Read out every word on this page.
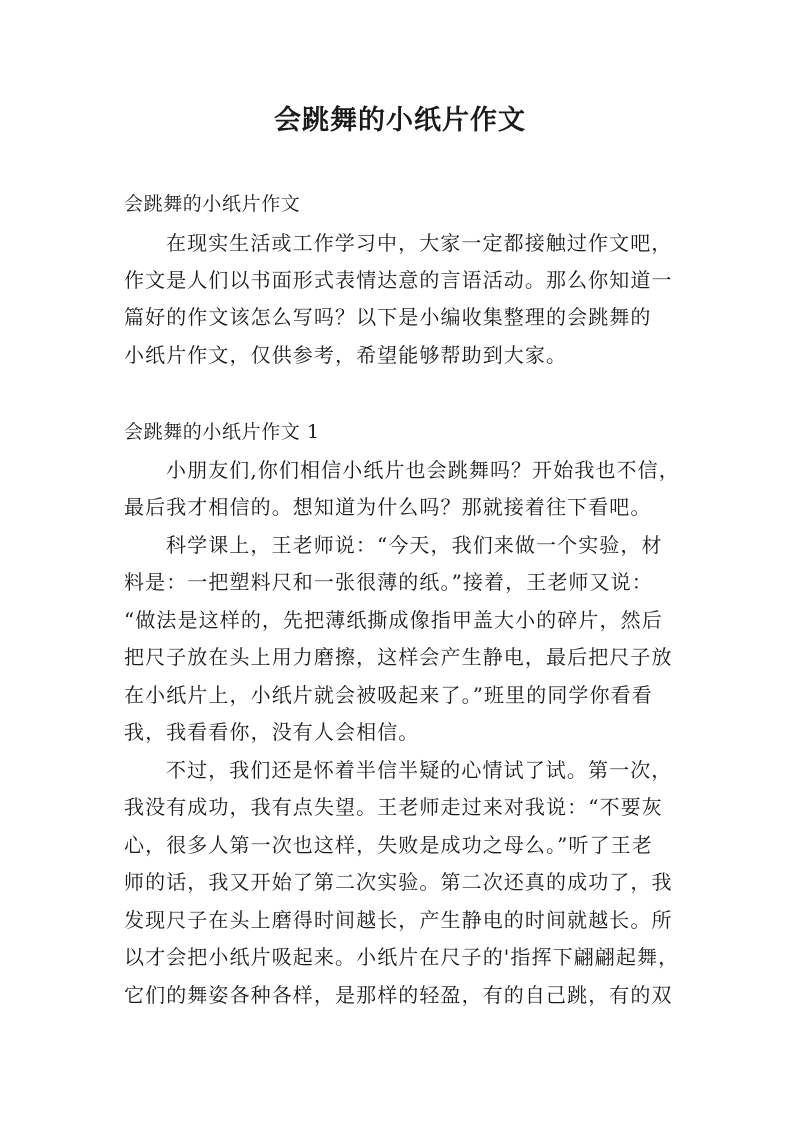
会跳舞的小纸片作文
会跳舞的小纸片作文
在现实生活或工作学习中，大家一定都接触过作文吧，
作文是人们以书面形式表情达意的言语活动。那么你知道一
篇好的作文该怎么写吗？以下是小编收集整理的会跳舞的
小纸片作文，仅供参考，希望能够帮助到大家。
会跳舞的小纸片作文 1
小朋友们,你们相信小纸片也会跳舞吗？开始我也不信，
最后我才相信的。想知道为什么吗？那就接着往下看吧。
科学课上，王老师说：“今天，我们来做一个实验，材
料是：一把塑料尺和一张很薄的纸。”接着，王老师又说：
“做法是这样的，先把薄纸撕成像指甲盖大小的碎片，然后
把尺子放在头上用力磨擦，这样会产生静电，最后把尺子放
在小纸片上，小纸片就会被吸起来了。”班里的同学你看看
我，我看看你，没有人会相信。
不过，我们还是怀着半信半疑的心情试了试。第一次，
我没有成功，我有点失望。王老师走过来对我说：“不要灰
心，很多人第一次也这样，失败是成功之母么。”听了王老
师的话，我又开始了第二次实验。第二次还真的成功了，我
发现尺子在头上磨得时间越长，产生静电的时间就越长。所
以才会把小纸片吸起来。小纸片在尺子的'指挥下翩翩起舞，
它们的舞姿各种各样，是那样的轻盈，有的自己跳，有的双
